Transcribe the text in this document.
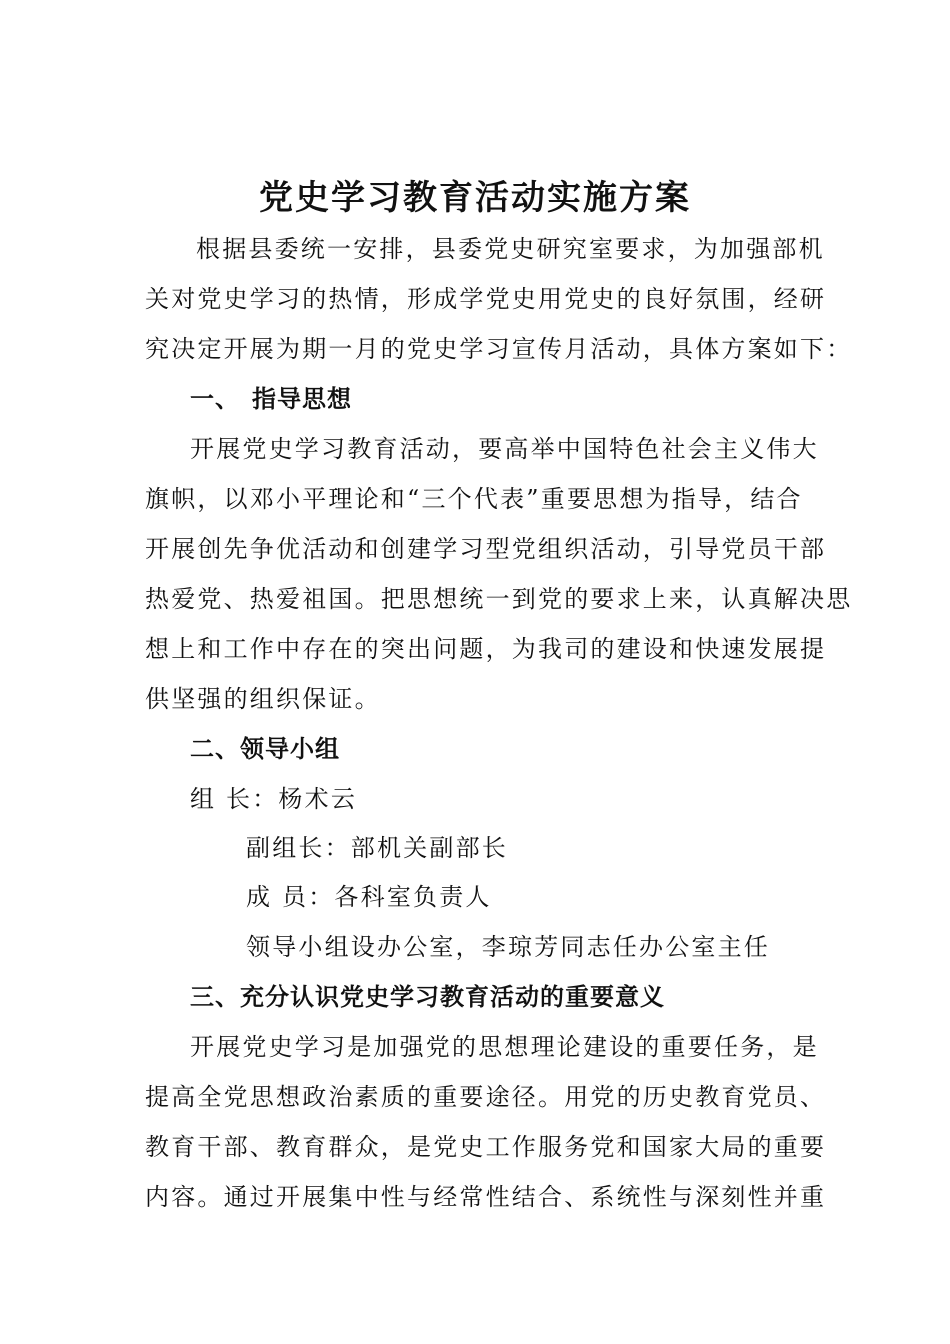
党史学习教育活动实施方案
根据县委统一安排，县委党史研究室要求，为加强部机
关对党史学习的热情，形成学党史用党史的良好氛围，经研
究决定开展为期一月的党史学习宣传月活动，具体方案如下：
一、 指导思想
开展党史学习教育活动，要高举中国特色社会主义伟大
旗帜，以邓小平理论和“三个代表”重要思想为指导，结合
开展创先争优活动和创建学习型党组织活动，引导党员干部
热爱党、热爱祖国。把思想统一到党的要求上来，认真解决思
想上和工作中存在的突出问题，为我司的建设和快速发展提
供坚强的组织保证。
二、领导小组
组 长：杨术云
副组长：部机关副部长
成 员：各科室负责人
领导小组设办公室，李琼芳同志任办公室主任
三、充分认识党史学习教育活动的重要意义
开展党史学习是加强党的思想理论建设的重要任务，是
提高全党思想政治素质的重要途径。用党的历史教育党员、
教育干部、教育群众，是党史工作服务党和国家大局的重要
内容。通过开展集中性与经常性结合、系统性与深刻性并重
